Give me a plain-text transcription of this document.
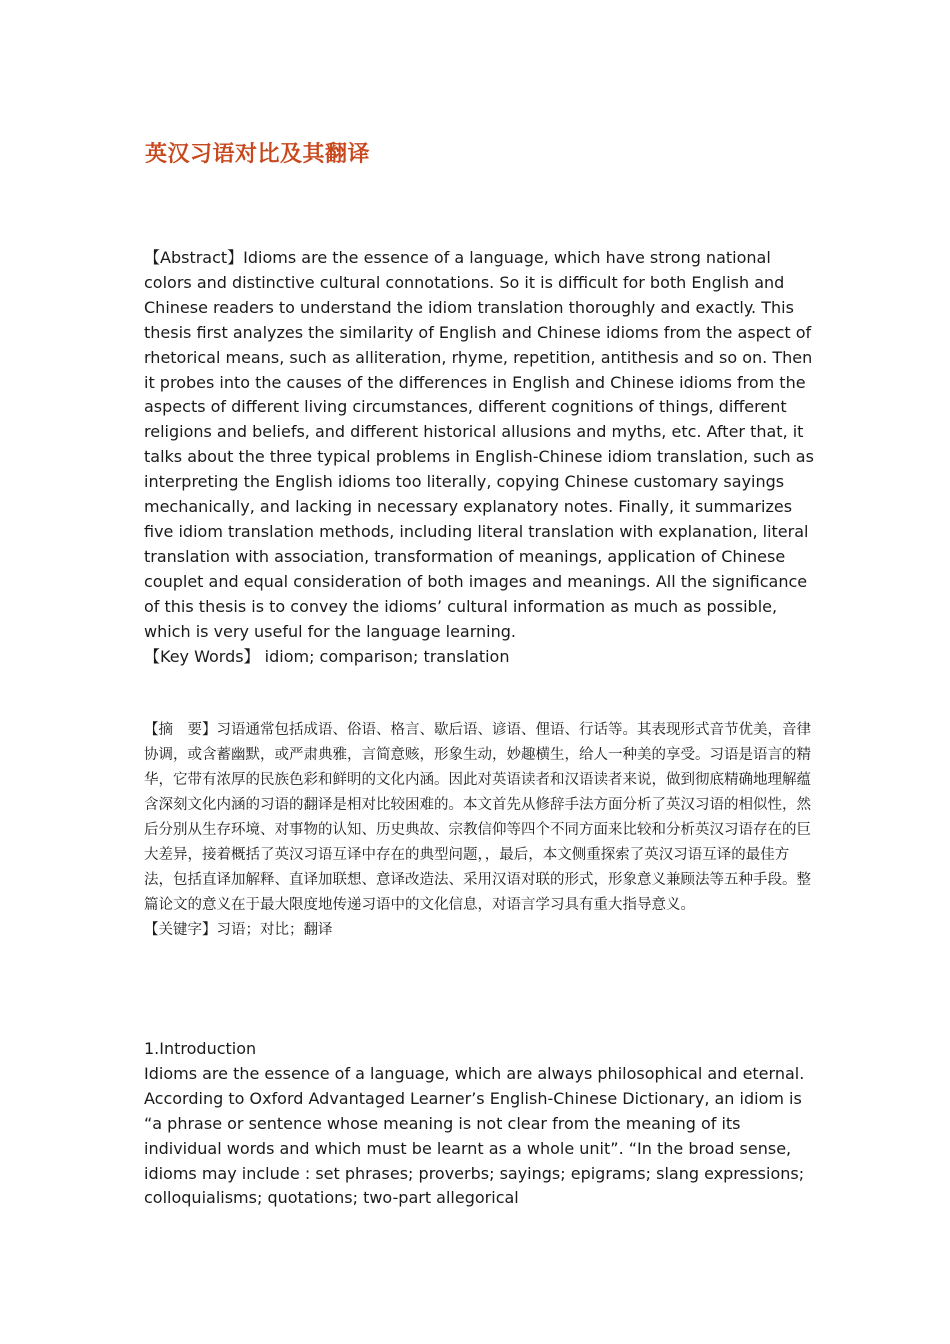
英汉习语对比及其翻译

【Abstract】Idioms are the essence of a language, which have strong national colors and distinctive cultural connotations. So it is difficult for both English and Chinese readers to understand the idiom translation thoroughly and exactly. This thesis first analyzes the similarity of English and Chinese idioms from the aspect of rhetorical means, such as alliteration, rhyme, repetition, antithesis and so on. Then it probes into the causes of the differences in English and Chinese idioms from the aspects of different living circumstances, different cognitions of things, different religions and beliefs, and different historical allusions and myths, etc. After that, it talks about the three typical problems in English-Chinese idiom translation, such as interpreting the English idioms too literally, copying Chinese customary sayings mechanically, and lacking in necessary explanatory notes. Finally, it summarizes five idiom translation methods, including literal translation with explanation, literal translation with association, transformation of meanings, application of Chinese couplet and equal consideration of both images and meanings. All the significance of this thesis is to convey the idioms’ cultural information as much as possible, which is very useful for the language learning.

【Key Words】 idiom; comparison; translation

【摘　要】习语通常包括成语、俗语、格言、歇后语、谚语、俚语、行话等。其表现形式音节优美，音律协调，或含蓄幽默，或严肃典雅，言简意赅，形象生动，妙趣横生，给人一种美的享受。习语是语言的精华，它带有浓厚的民族色彩和鲜明的文化内涵。因此对英语读者和汉语读者来说，做到彻底精确地理解蕴含深刻文化内涵的习语的翻译是相对比较困难的。本文首先从修辞手法方面分析了英汉习语的相似性，然后分别从生存环境、对事物的认知、历史典故、宗教信仰等四个不同方面来比较和分析英汉习语存在的巨大差异，接着概括了英汉习语互译中存在的典型问题，，最后，本文侧重探索了英汉习语互译的最佳方法，包括直译加解释、直译加联想、意译改造法、采用汉语对联的形式，形象意义兼顾法等五种手段。整篇论文的意义在于最大限度地传递习语中的文化信息，对语言学习具有重大指导意义。

【关键字】习语；对比；翻译

1.Introduction

Idioms are the essence of a language, which are always philosophical and eternal. According to Oxford Advantaged Learner’s English-Chinese Dictionary, an idiom is “a phrase or sentence whose meaning is not clear from the meaning of its individual words and which must be learnt as a whole unit”. “In the broad sense, idioms may include : set phrases; proverbs; sayings; epigrams; slang expressions; colloquialisms; quotations; two-part allegorical
